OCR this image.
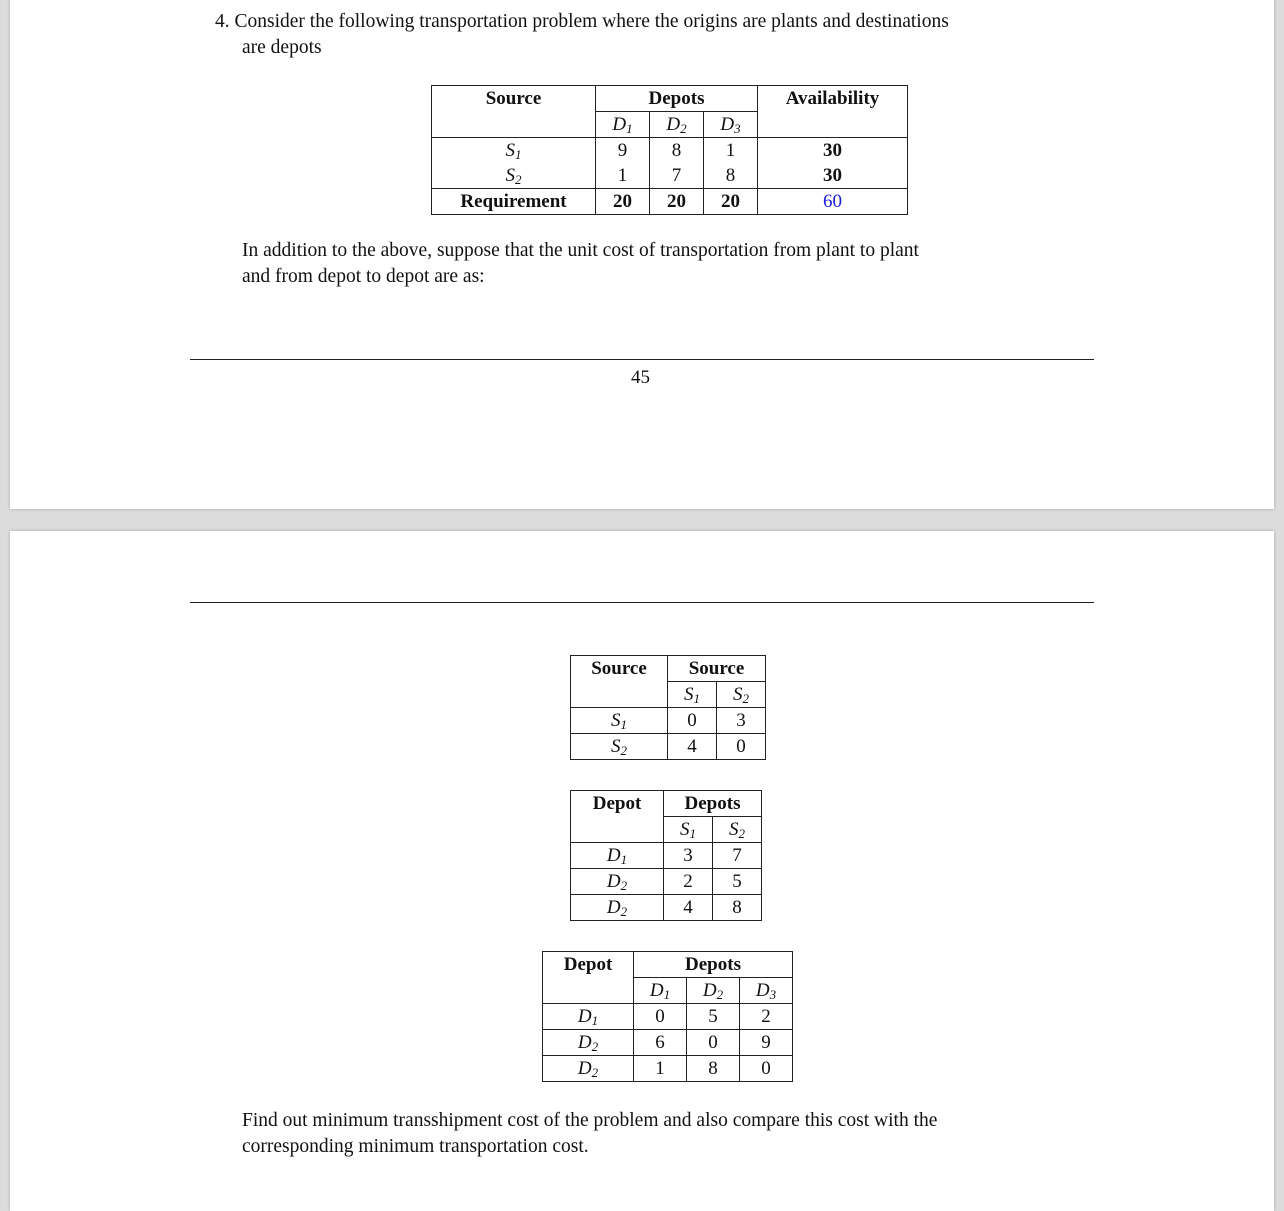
4. Consider the following transportation problem where the origins are plants and destinations
are depots
Source	Depots			Availability
	$D_1$	$D_2$	$D_3$	
$S_1$	9	8	1	30
$S_2$	1	7	8	30
Requirement	20	20	20	60
In addition to the above, suppose that the unit cost of transportation from plant to plant
and from depot to depot are as:
45
Source	Source	
	$S_1$	$S_2$
$S_1$	0	3
$S_2$	4	0
Depot	Depots	
	$S_1$	$S_2$
$D_1$	3	7
$D_2$	2	5
$D_2$	4	8
Depot	Depots		
	$D_1$	$D_2$	$D_3$
$D_1$	0	5	2
$D_2$	6	0	9
$D_2$	1	8	0
Find out minimum transshipment cost of the problem and also compare this cost with the
corresponding minimum transportation cost.
